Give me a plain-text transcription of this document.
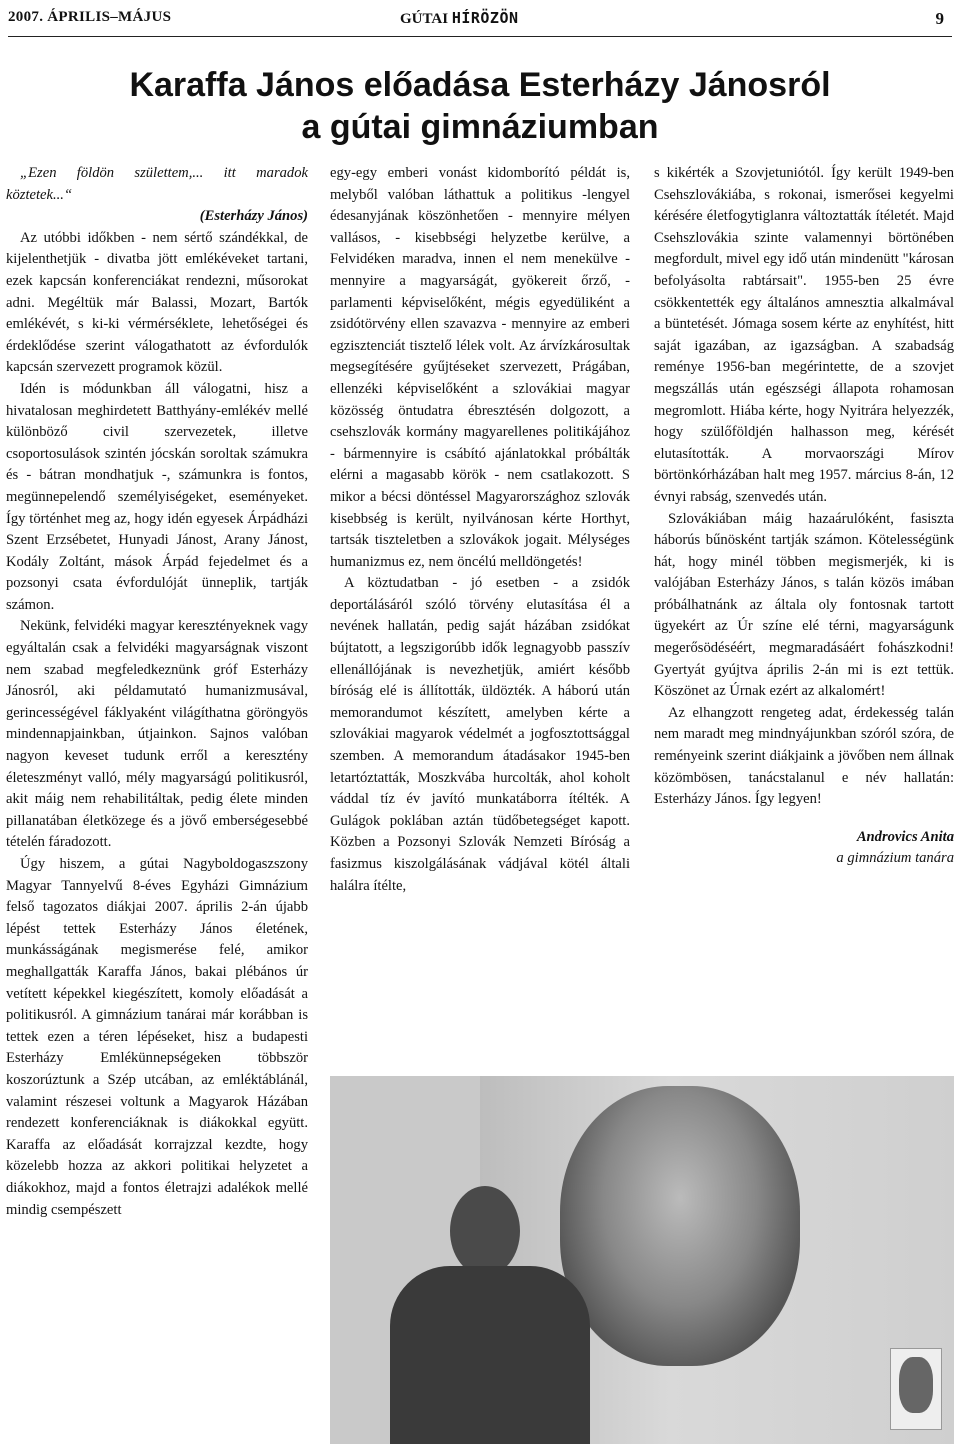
2007. ÁPRILIS–MÁJUS	GÚTAI HÍRÖZÖN	9
Karaffa János előadása Esterházy Jánosról
a gútai gimnáziumban

„Ezen földön születtem,... itt maradok köztetek...“

(Esterházy János)

Az utóbbi időkben - nem sértő szándékkal, de kijelenthetjük - divatba jött emlékéveket tartani, ezek kapcsán konferenciákat rendezni, műsorokat adni. Megéltük már Balassi, Mozart, Bartók emlékévét, s ki-ki vérmérséklete, lehetőségei és érdeklődése szerint válogathatott az évfordulók kapcsán szervezett programok közül.

Idén is módunkban áll válogatni, hisz a hivatalosan meghirdetett Batthyány-emlékév mellé különböző civil szervezetek, illetve csoportosulások szintén jócskán soroltak számukra és - bátran mondhatjuk -, számunkra is fontos, megünnepelendő személyiségeket, eseményeket. Így történhet meg az, hogy idén egyesek Árpádházi Szent Erzsébetet, Hunyadi Jánost, Arany Jánost, Kodály Zoltánt, mások Árpád fejedelmet és a pozsonyi csata évfordulóját ünneplik, tartják számon.

Nekünk, felvidéki magyar keresztényeknek vagy egyáltalán csak a felvidéki magyarságnak viszont nem szabad megfeledkeznünk gróf Esterházy Jánosról, aki példamutató humanizmusával, gerincességével fáklyaként világíthatna göröngyös mindennapjainkban, útjainkon. Sajnos valóban nagyon keveset tudunk erről a keresztény életeszményt valló, mély magyarságú politikusról, akit máig nem rehabilitáltak, pedig élete minden pillanatában életközege és a jövő emberségesebbé tételén fáradozott.

Úgy hiszem, a gútai Nagyboldogaszszony Magyar Tannyelvű 8-éves Egyházi Gimnázium felső tagozatos diákjai 2007. április 2-án újabb lépést tettek Esterházy János életének, munkásságának megismerése felé, amikor meghallgatták Karaffa János, bakai plébános úr vetített képekkel kiegészített, komoly előadását a politikusról. A gimnázium tanárai már korábban is tettek ezen a téren lépéseket, hisz a budapesti Esterházy Emlékünnepségeken többször koszorúztunk a Szép utcában, az emléktáblánál, valamint részesei voltunk a Magyarok Házában rendezett konferenciáknak is diákokkal együtt. Karaffa az előadását korrajzzal kezdte, hogy közelebb hozza az akkori politikai helyzetet a diákokhoz, majd a fontos életrajzi adalékok mellé mindig csempészett

egy-egy emberi vonást kidomborító példát is, melyből valóban láthattuk a politikus -lengyel édesanyjának köszönhetően - mennyire mélyen vallásos, - kisebbségi helyzetbe kerülve, a Felvidéken maradva, innen el nem menekülve - mennyire a magyarságát, gyökereit őrző, - parlamenti képviselőként, mégis egyedüliként a zsidótörvény ellen szavazva - mennyire az emberi egzisztenciát tisztelő lélek volt. Az árvízkárosultak megsegítésére gyűjtéseket szervezett, Prágában, ellenzéki képviselőként a szlovákiai magyar közösség öntudatra ébresztésén dolgozott, a csehszlovák kormány magyarellenes politikájához - bármennyire is csábító ajánlatokkal próbálták elérni a magasabb körök - nem csatlakozott. S mikor a bécsi döntéssel Magyarországhoz szlovák kisebbség is került, nyilvánosan kérte Horthyt, tartsák tiszteletben a szlovákok jogait. Mélységes humanizmus ez, nem öncélú melldöngetés!

A köztudatban - jó esetben - a zsidók deportálásáról szóló törvény elutasítása él a nevének hallatán, pedig saját házában zsidókat bújtatott, a legszigorúbb idők legnagyobb passzív ellenállójának is nevezhetjük, amiért később bíróság elé is állították, üldözték. A háború után memorandumot készített, amelyben kérte a szlovákiai magyarok védelmét a jogfosztottsággal szemben. A memorandum átadásakor 1945-ben letartóztatták, Moszkvába hurcolták, ahol koholt váddal tíz év javító munkatáborra ítélték. A Gulágok poklában aztán tüdőbetegséget kapott. Közben a Pozsonyi Szlovák Nemzeti Bíróság a fasizmus kiszolgálásának vádjával kötél általi halálra ítélte,

s kikérték a Szovjetuniótól. Így került 1949-ben Csehszlovákiába, s rokonai, ismerősei kegyelmi kérésére életfogytiglanra változtatták ítéletét. Majd Csehszlovákia szinte valamennyi börtönében megfordult, mivel egy idő után mindenütt "károsan befolyásolta rabtársait". 1955-ben 25 évre csökkentették egy általános amnesztia alkalmával a büntetését. Jómaga sosem kérte az enyhítést, hitt saját igazában, az igazságban. A szabadság reménye 1956-ban megérintette, de a szovjet megszállás után egészségi állapota rohamosan megromlott. Hiába kérte, hogy Nyitrára helyezzék, hogy szülőföldjén halhasson meg, kérését elutasították. A morvaországi Mírov börtönkórházában halt meg 1957. március 8-án, 12 évnyi rabság, szenvedés után.

Szlovákiában máig hazaárulóként, fasiszta háborús bűnösként tartják számon. Kötelességünk hát, hogy minél többen megismerjék, ki is valójában Esterházy János, s talán közös imában próbálhatnánk az általa oly fontosnak tartott ügyekért az Úr színe elé térni, magyarságunk megerősödéséért, megmaradásáért fohászkodni! Gyertyát gyújtva április 2-án mi is ezt tettük. Köszönet az Úrnak ezért az alkalomért!

Az elhangzott rengeteg adat, érdekesség talán nem maradt meg mindnyájunkban szóról szóra, de reményeink szerint diákjaink a jövőben nem állnak közömbösen, tanácstalanul e név hallatán: Esterházy János. Így legyen!

Androvics Anita
a gimnázium tanára
